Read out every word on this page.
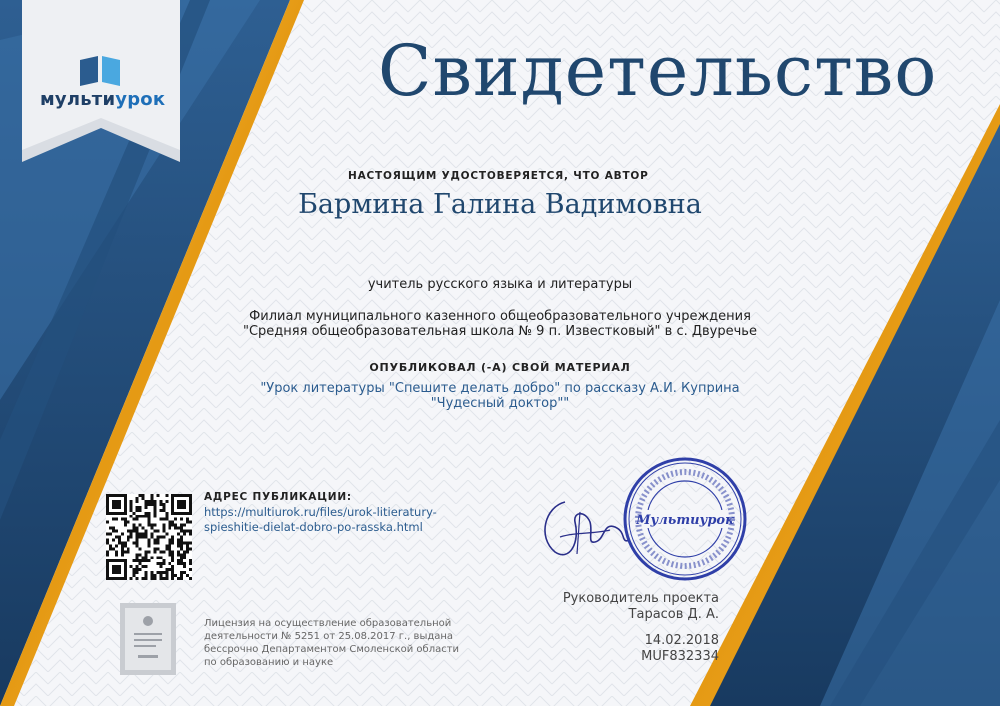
мультиурок	Свидетельство
НАСТОЯЩИМ УДОСТОВЕРЯЕТСЯ, ЧТО АВТОР
Бармина Галина Вадимовна
учитель русского языка и литературы
Филиал муниципального казенного общеобразовательного учреждения
"Средняя общеобразовательная школа № 9 п. Известковый" в с. Двуречье
ОПУБЛИКОВАЛ (-А) СВОЙ МАТЕРИАЛ
"Урок литературы "Спешите делать добро" по рассказу А.И. Куприна
"Чудесный доктор""
АДРЕС ПУБЛИКАЦИИ:
https://multiurok.ru/files/urok-litieratury-
spieshitie-dielat-dobro-po-rasska.html
Лицензия на осуществление образовательной
деятельности № 5251 от 25.08.2017 г., выдана
бессрочно Департаментом Смоленской области
по образованию и науке
Мультиурок
Руководитель проекта
Тарасов Д. А.
14.02.2018
MUF832334
